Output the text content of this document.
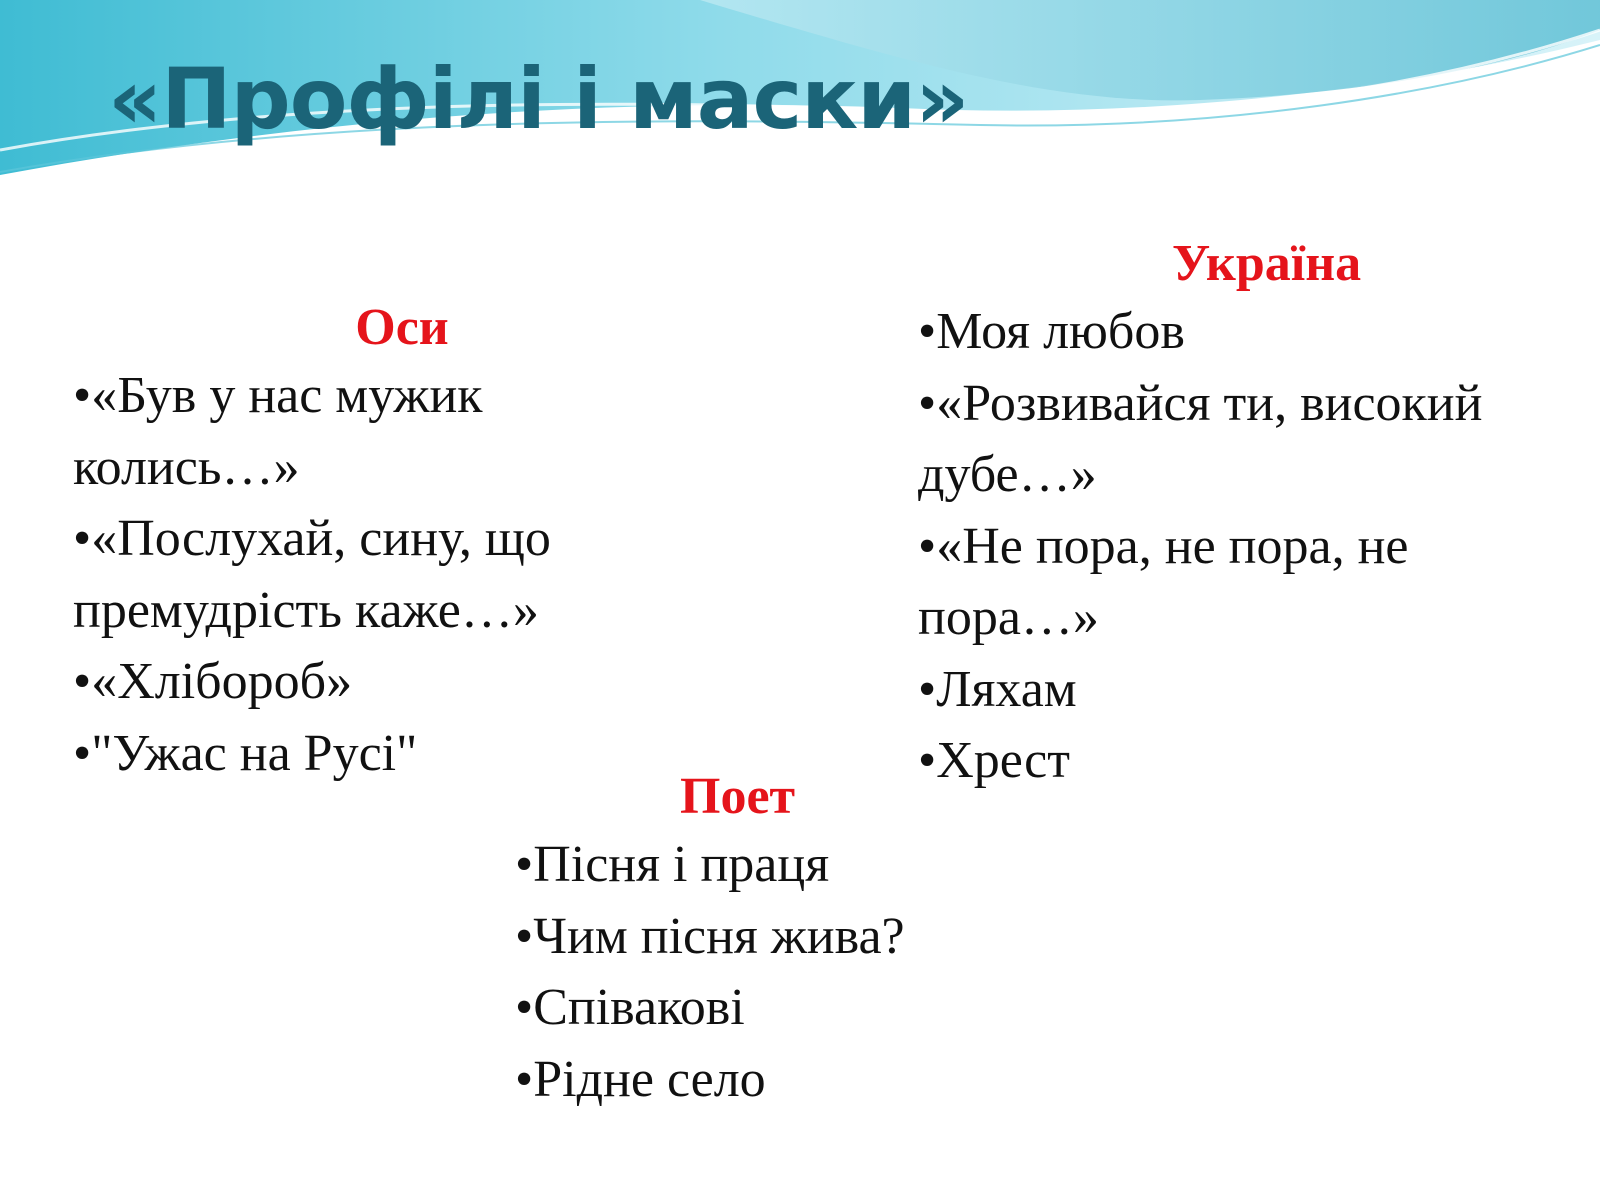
«Профілі і маски»
Оси
•«Був у нас мужик колись…»
•«Послухай, сину, що премудрість каже…»
•«Хлібороб»
•"Ужас на Русі"
Україна
•Моя любов
•«Розвивайся ти, високий дубе…»
•«Не пора, не пора, не пора…»
•Ляхам
•Хрест
Поет
•Пісня і праця
•Чим пісня жива?
•Співакові
•Рідне село
